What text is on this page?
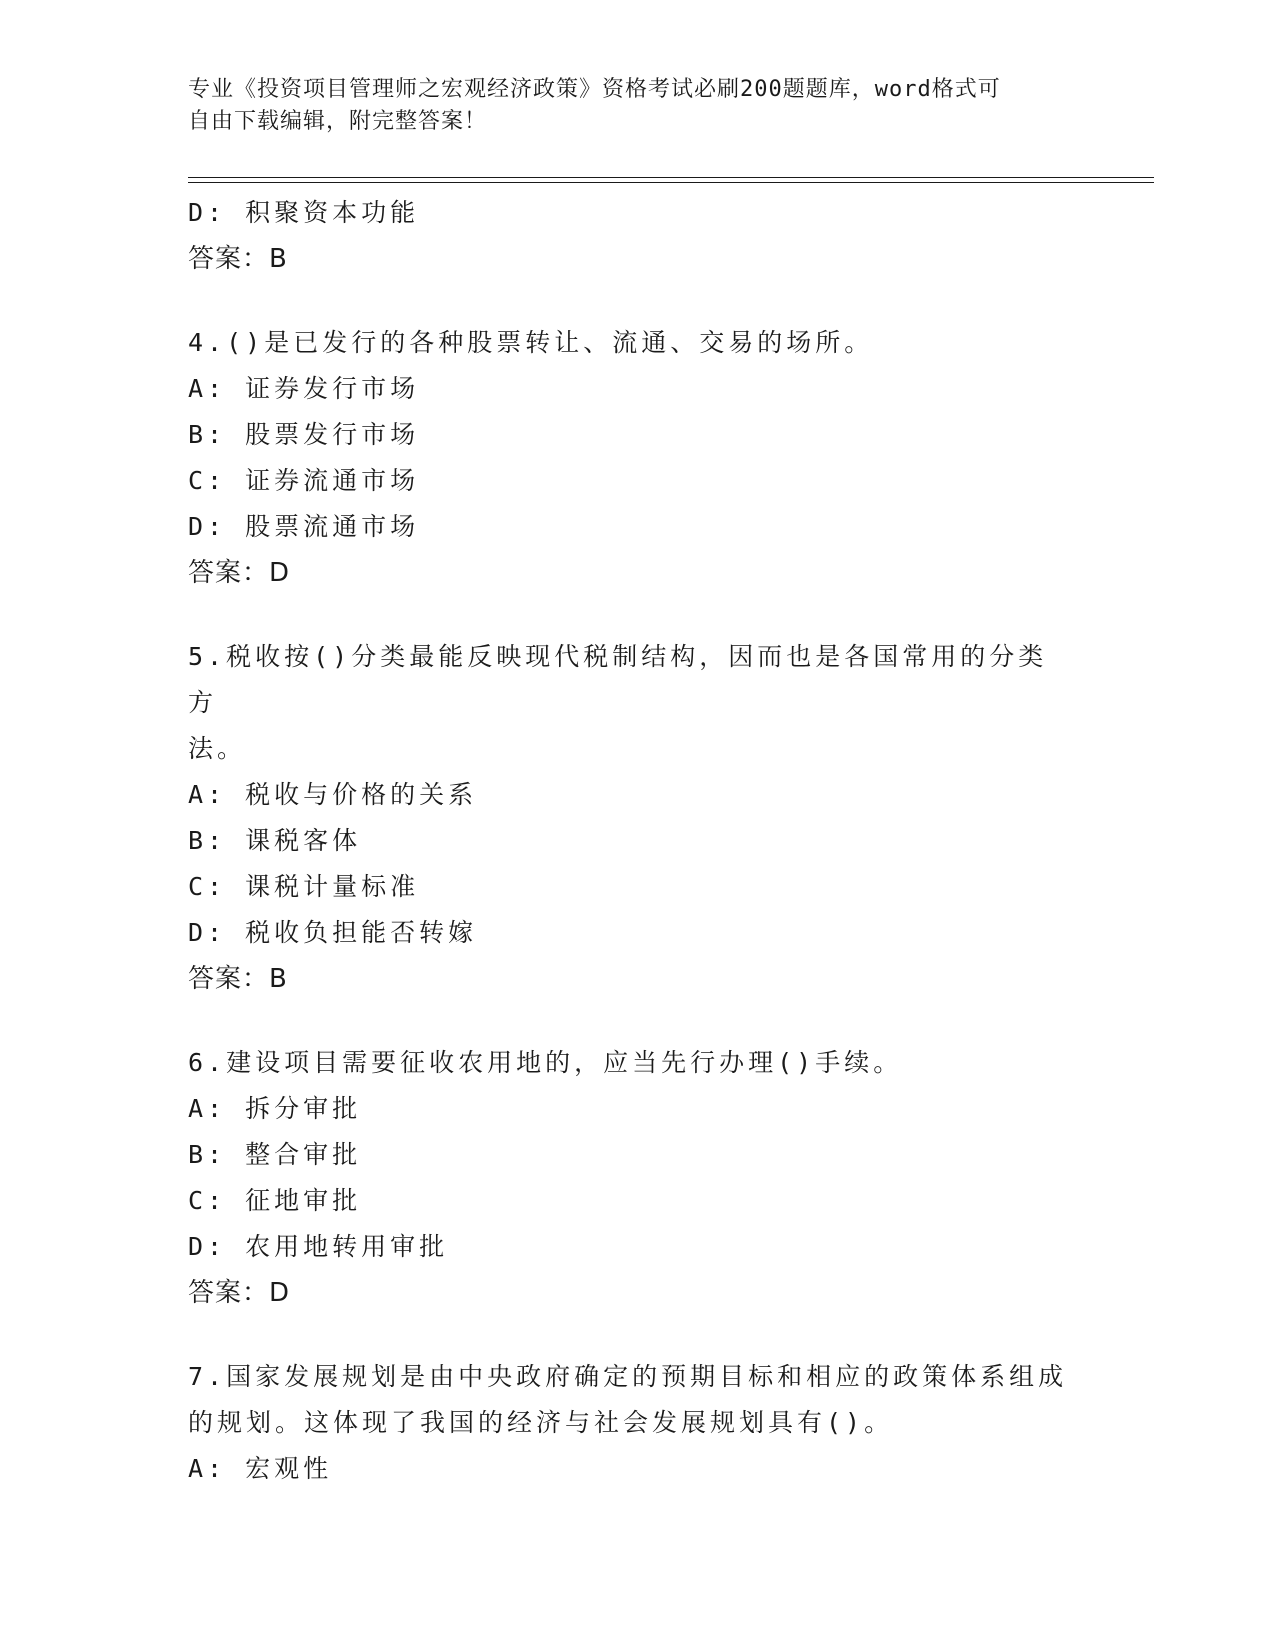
专业《投资项目管理师之宏观经济政策》资格考试必刷200题题库，word格式可
自由下载编辑，附完整答案！
D: 积聚资本功能
答案：B
4.()是已发行的各种股票转让、流通、交易的场所。
A: 证券发行市场
B: 股票发行市场
C: 证券流通市场
D: 股票流通市场
答案：D
5.税收按()分类最能反映现代税制结构，因而也是各国常用的分类方
法。
A: 税收与价格的关系
B: 课税客体
C: 课税计量标准
D: 税收负担能否转嫁
答案：B
6.建设项目需要征收农用地的，应当先行办理()手续。
A: 拆分审批
B: 整合审批
C: 征地审批
D: 农用地转用审批
答案：D
7.国家发展规划是由中央政府确定的预期目标和相应的政策体系组成
的规划。这体现了我国的经济与社会发展规划具有()。
A: 宏观性
